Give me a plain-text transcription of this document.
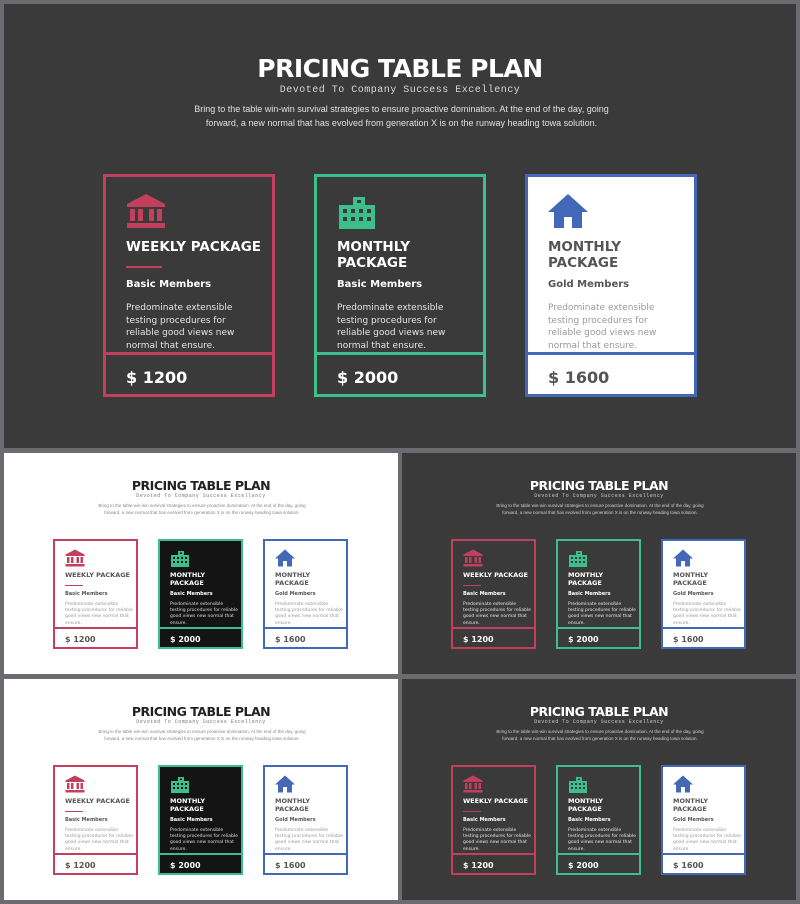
PRICING TABLE PLAN
Devoted To Company Success Excellency
Bring to the table win-win survival strategies to ensure proactive domination. At the end of the day, going forward, a new normal that has evolved from generation X is on the runway heading towa solution.
WEEKLY PACKAGE
Basic Members
Predominate extensible testing procedures for reliable good views new normal that ensure.
$ 1200
MONTHLY PACKAGE
Basic Members
Predominate extensible testing procedures for reliable good views new normal that ensure.
$ 2000
MONTHLY PACKAGE
Gold Members
Predominate extensible testing procedures for reliable good views new normal that ensure.
$ 1600
PRICING TABLE PLAN
Devoted To Company Success Excellency
Bring to the table win-win survival strategies to ensure proactive domination. At the end of the day, going forward, a new normal that has evolved from generation X is on the runway heading towa solution.
WEEKLY PACKAGE
Basic Members
Predominate extensible testing procedures for reliable good views new normal that ensure.
$ 1200
MONTHLY PACKAGE
Basic Members
Predominate extensible testing procedures for reliable good views new normal that ensure.
$ 2000
MONTHLY PACKAGE
Gold Members
Predominate extensible testing procedures for reliable good views new normal that ensure.
$ 1600
PRICING TABLE PLAN
Devoted To Company Success Excellency
Bring to the table win-win survival strategies to ensure proactive domination. At the end of the day, going forward, a new normal that has evolved from generation X is on the runway heading towa solution.
WEEKLY PACKAGE
Basic Members
Predominate extensible testing procedures for reliable good views new normal that ensure.
$ 1200
MONTHLY PACKAGE
Basic Members
Predominate extensible testing procedures for reliable good views new normal that ensure.
$ 2000
MONTHLY PACKAGE
Gold Members
Predominate extensible testing procedures for reliable good views new normal that ensure.
$ 1600
PRICING TABLE PLAN
Devoted To Company Success Excellency
Bring to the table win-win survival strategies to ensure proactive domination. At the end of the day, going forward, a new normal that has evolved from generation X is on the runway heading towa solution.
WEEKLY PACKAGE
Basic Members
Predominate extensible testing procedures for reliable good views new normal that ensure.
$ 1200
MONTHLY PACKAGE
Basic Members
Predominate extensible testing procedures for reliable good views new normal that ensure.
$ 2000
MONTHLY PACKAGE
Gold Members
Predominate extensible testing procedures for reliable good views new normal that ensure.
$ 1600
PRICING TABLE PLAN
Devoted To Company Success Excellency
Bring to the table win-win survival strategies to ensure proactive domination. At the end of the day, going forward, a new normal that has evolved from generation X is on the runway heading towa solution.
WEEKLY PACKAGE
Basic Members
Predominate extensible testing procedures for reliable good views new normal that ensure.
$ 1200
MONTHLY PACKAGE
Basic Members
Predominate extensible testing procedures for reliable good views new normal that ensure.
$ 2000
MONTHLY PACKAGE
Gold Members
Predominate extensible testing procedures for reliable good views new normal that ensure.
$ 1600
